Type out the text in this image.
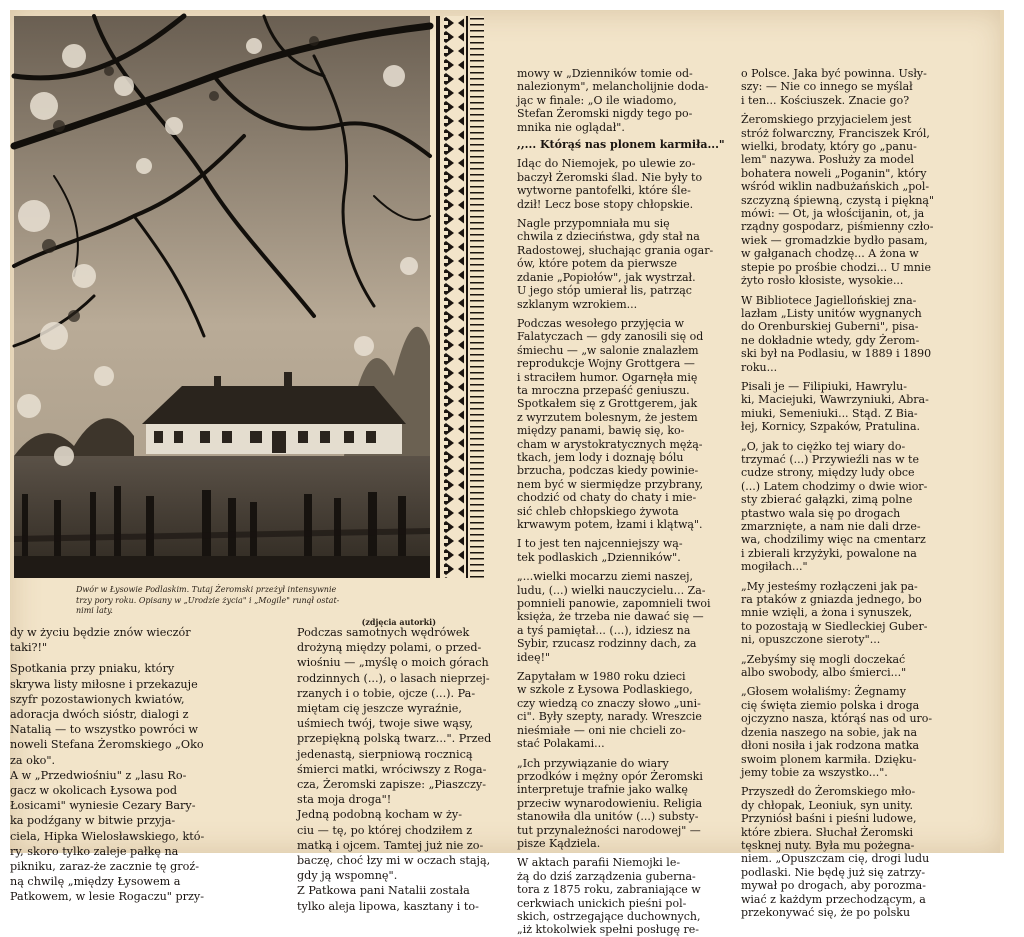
Dwór w Łysowie Podlaskim. Tutaj Żeromski przeżył intensywnie
trzy pory roku. Opisany w „Urodzie życia" i „Mogile" runął ostat-
nimi laty.
(zdjęcia autorki)
dy w życiu będzie znów wieczór
taki?!"
Spotkania przy pniaku, który
skrywa listy miłosne i przekazuje
szyfr pozostawionych kwiatów,
adoracja dwóch sióstr, dialogi z
Natalią — to wszystko powróci w
noweli Stefana Żeromskiego „Oko
za oko".
A w „Przedwiośniu" z „lasu Ro-
gacz w okolicach Łysowa pod
Łosicami" wyniesie Cezary Bary-
ka podźgany w bitwie przyja-
ciela, Hipka Wielosławskiego, któ-
ry, skoro tylko zaleje pałkę na
pikniku, zaraz-że zacznie tę groź-
ną chwilę „między Łysowem a
Patkowem, w lesie Rogaczu" przy-
Podczas samotnych wędrówek
drożyną między polami, o przed-
wiośniu — „myślę o moich górach
rodzinnych (...), o lasach nieprzej-
rzanych i o tobie, ojcze (...). Pa-
miętam cię jeszcze wyraźnie,
uśmiech twój, twoje siwe wąsy,
przepiękną polską twarz...". Przed
jedenastą, sierpniową rocznicą
śmierci matki, wróciwszy z Roga-
cza, Żeromski zapisze: „Piaszczy-
sta moja droga"!
Jedną podobną kocham w ży-
ciu — tę, po której chodziłem z
matką i ojcem. Tamtej już nie zo-
baczę, choć łzy mi w oczach stają,
gdy ją wspomnę".
Z Patkowa pani Natalii została
tylko aleja lipowa, kasztany i to-
mowy w „Dzienników tomie od-
nalezionym", melancholijnie doda-
jąc w finale: „O ile wiadomo,
Stefan Żeromski nigdy tego po-
mnika nie oglądał".
,,... Którąś nas plonem karmiła..."
Idąc do Niemojek, po ulewie zo-
baczył Żeromski ślad. Nie były to
wytworne pantofelki, które śle-
dził! Lecz bose stopy chłopskie.
Nagle przypomniała mu się
chwila z dzieciństwa, gdy stał na
Radostowej, słuchając grania ogar-
ów, które potem da pierwsze
zdanie „Popiołów", jak wystrzał.
U jego stóp umierał lis, patrząc
szklanym wzrokiem...
Podczas wesołego przyjęcia w
Falatyczach — gdy zanosili się od
śmiechu — „w salonie znalazłem
reprodukcje Wojny Grottgera —
i straciłem humor. Ogarnęła mię
ta mroczna przepaść geniuszu.
Spotkałem się z Grottgerem, jak
z wyrzutem bolesnym, że jestem
między panami, bawię się, ko-
cham w arystokratycznych mężą-
tkach, jem lody i doznaję bólu
brzucha, podczas kiedy powinie-
nem być w siermiędze przybrany,
chodzić od chaty do chaty i mie-
sić chleb chłopskiego żywota
krwawym potem, łzami i klątwą".
I to jest ten najcenniejszy wą-
tek podlaskich „Dzienników".
„...wielki mocarzu ziemi naszej,
ludu, (...) wielki nauczycielu... Za-
pomnieli panowie, zapomnieli twoi
księża, że trzeba nie dawać się —
a tyś pamiętał... (...), idziesz na
Sybir, rzucasz rodzinny dach, za
ideę!"
Zapytałam w 1980 roku dzieci
w szkole z Łysowa Podlaskiego,
czy wiedzą co znaczy słowo „uni-
ci". Były szepty, narady. Wreszcie
nieśmiałe — oni nie chcieli zo-
stać Polakami...
„Ich przywiązanie do wiary
przodków i mężny opór Żeromski
interpretuje trafnie jako walkę
przeciw wynarodowieniu. Religia
stanowiła dla unitów (...) substy-
tut przynależności narodowej" —
pisze Kądziela.
W aktach parafii Niemojki le-
żą do dziś zarządzenia guberna-
tora z 1875 roku, zabraniające w
cerkwiach unickich pieśni pol-
skich, ostrzegające duchownych,
„iż ktokolwiek spełni posługę re-
o Polsce. Jaka być powinna. Usły-
szy: — Nie co innego se myślał
i ten... Kościuszek. Znacie go?
Żeromskiego przyjacielem jest
stróż folwarczny, Franciszek Król,
wielki, brodaty, który go „panu-
lem" nazywa. Posłuży za model
bohatera noweli „Poganin", który
wśród wiklin nadbużańskich „pol-
szczyzną śpiewną, czystą i piękną"
mówi: — Ot, ja włościjanin, ot, ja
rządny gospodarz, piśmienny czło-
wiek — gromadzkie bydło pasam,
w gałganach chodzę... A żona w
stepie po prośbie chodzi... U mnie
żyto rosło kłosiste, wysokie...
W Bibliotece Jagiellońskiej zna-
lazłam „Listy unitów wygnanych
do Orenburskiej Guberni", pisa-
ne dokładnie wtedy, gdy Żerom-
ski był na Podlasiu, w 1889 i 1890
roku...
Pisali je — Filipiuki, Hawrylu-
ki, Maciejuki, Wawrzyniuki, Abra-
miuki, Semeniuki... Stąd. Z Bia-
łej, Kornicy, Szpaków, Pratulina.
„O, jak to ciężko tej wiary do-
trzymać (...) Przywieźli nas w te
cudze strony, między ludy obce
(...) Latem chodzimy o dwie wior-
sty zbierać gałązki, zimą polne
ptastwo wala się po drogach
zmarznięte, a nam nie dali drze-
wa, chodzilimy więc na cmentarz
i zbierali krzyżyki, powalone na
mogiłach..."
„My jesteśmy rozłączeni jak pa-
ra ptaków z gniazda jednego, bo
mnie wzięli, a żona i synuszek,
to pozostają w Siedleckiej Guber-
ni, opuszczone sieroty"...
„Zebyśmy się mogli doczekać
albo swobody, albo śmierci..."
„Głosem wołaliśmy: Żegnamy
cię święta ziemio polska i droga
ojczyzno nasza, którąś nas od uro-
dzenia naszego na sobie, jak na
dłoni nosiła i jak rodzona matka
swoim plonem karmiła. Dzięku-
jemy tobie za wszystko...".
Przyszedł do Żeromskiego mło-
dy chłopak, Leoniuk, syn unity.
Przyniósł baśni i pieśni ludowe,
które zbiera. Słuchał Żeromski
tęsknej nuty. Była mu pożegna-
niem. „Opuszczam cię, drogi ludu
podlaski. Nie będę już się zatrzy-
mywał po drogach, aby porozma-
wiać z każdym przechodzącym, a
przekonywać się, że po polsku
